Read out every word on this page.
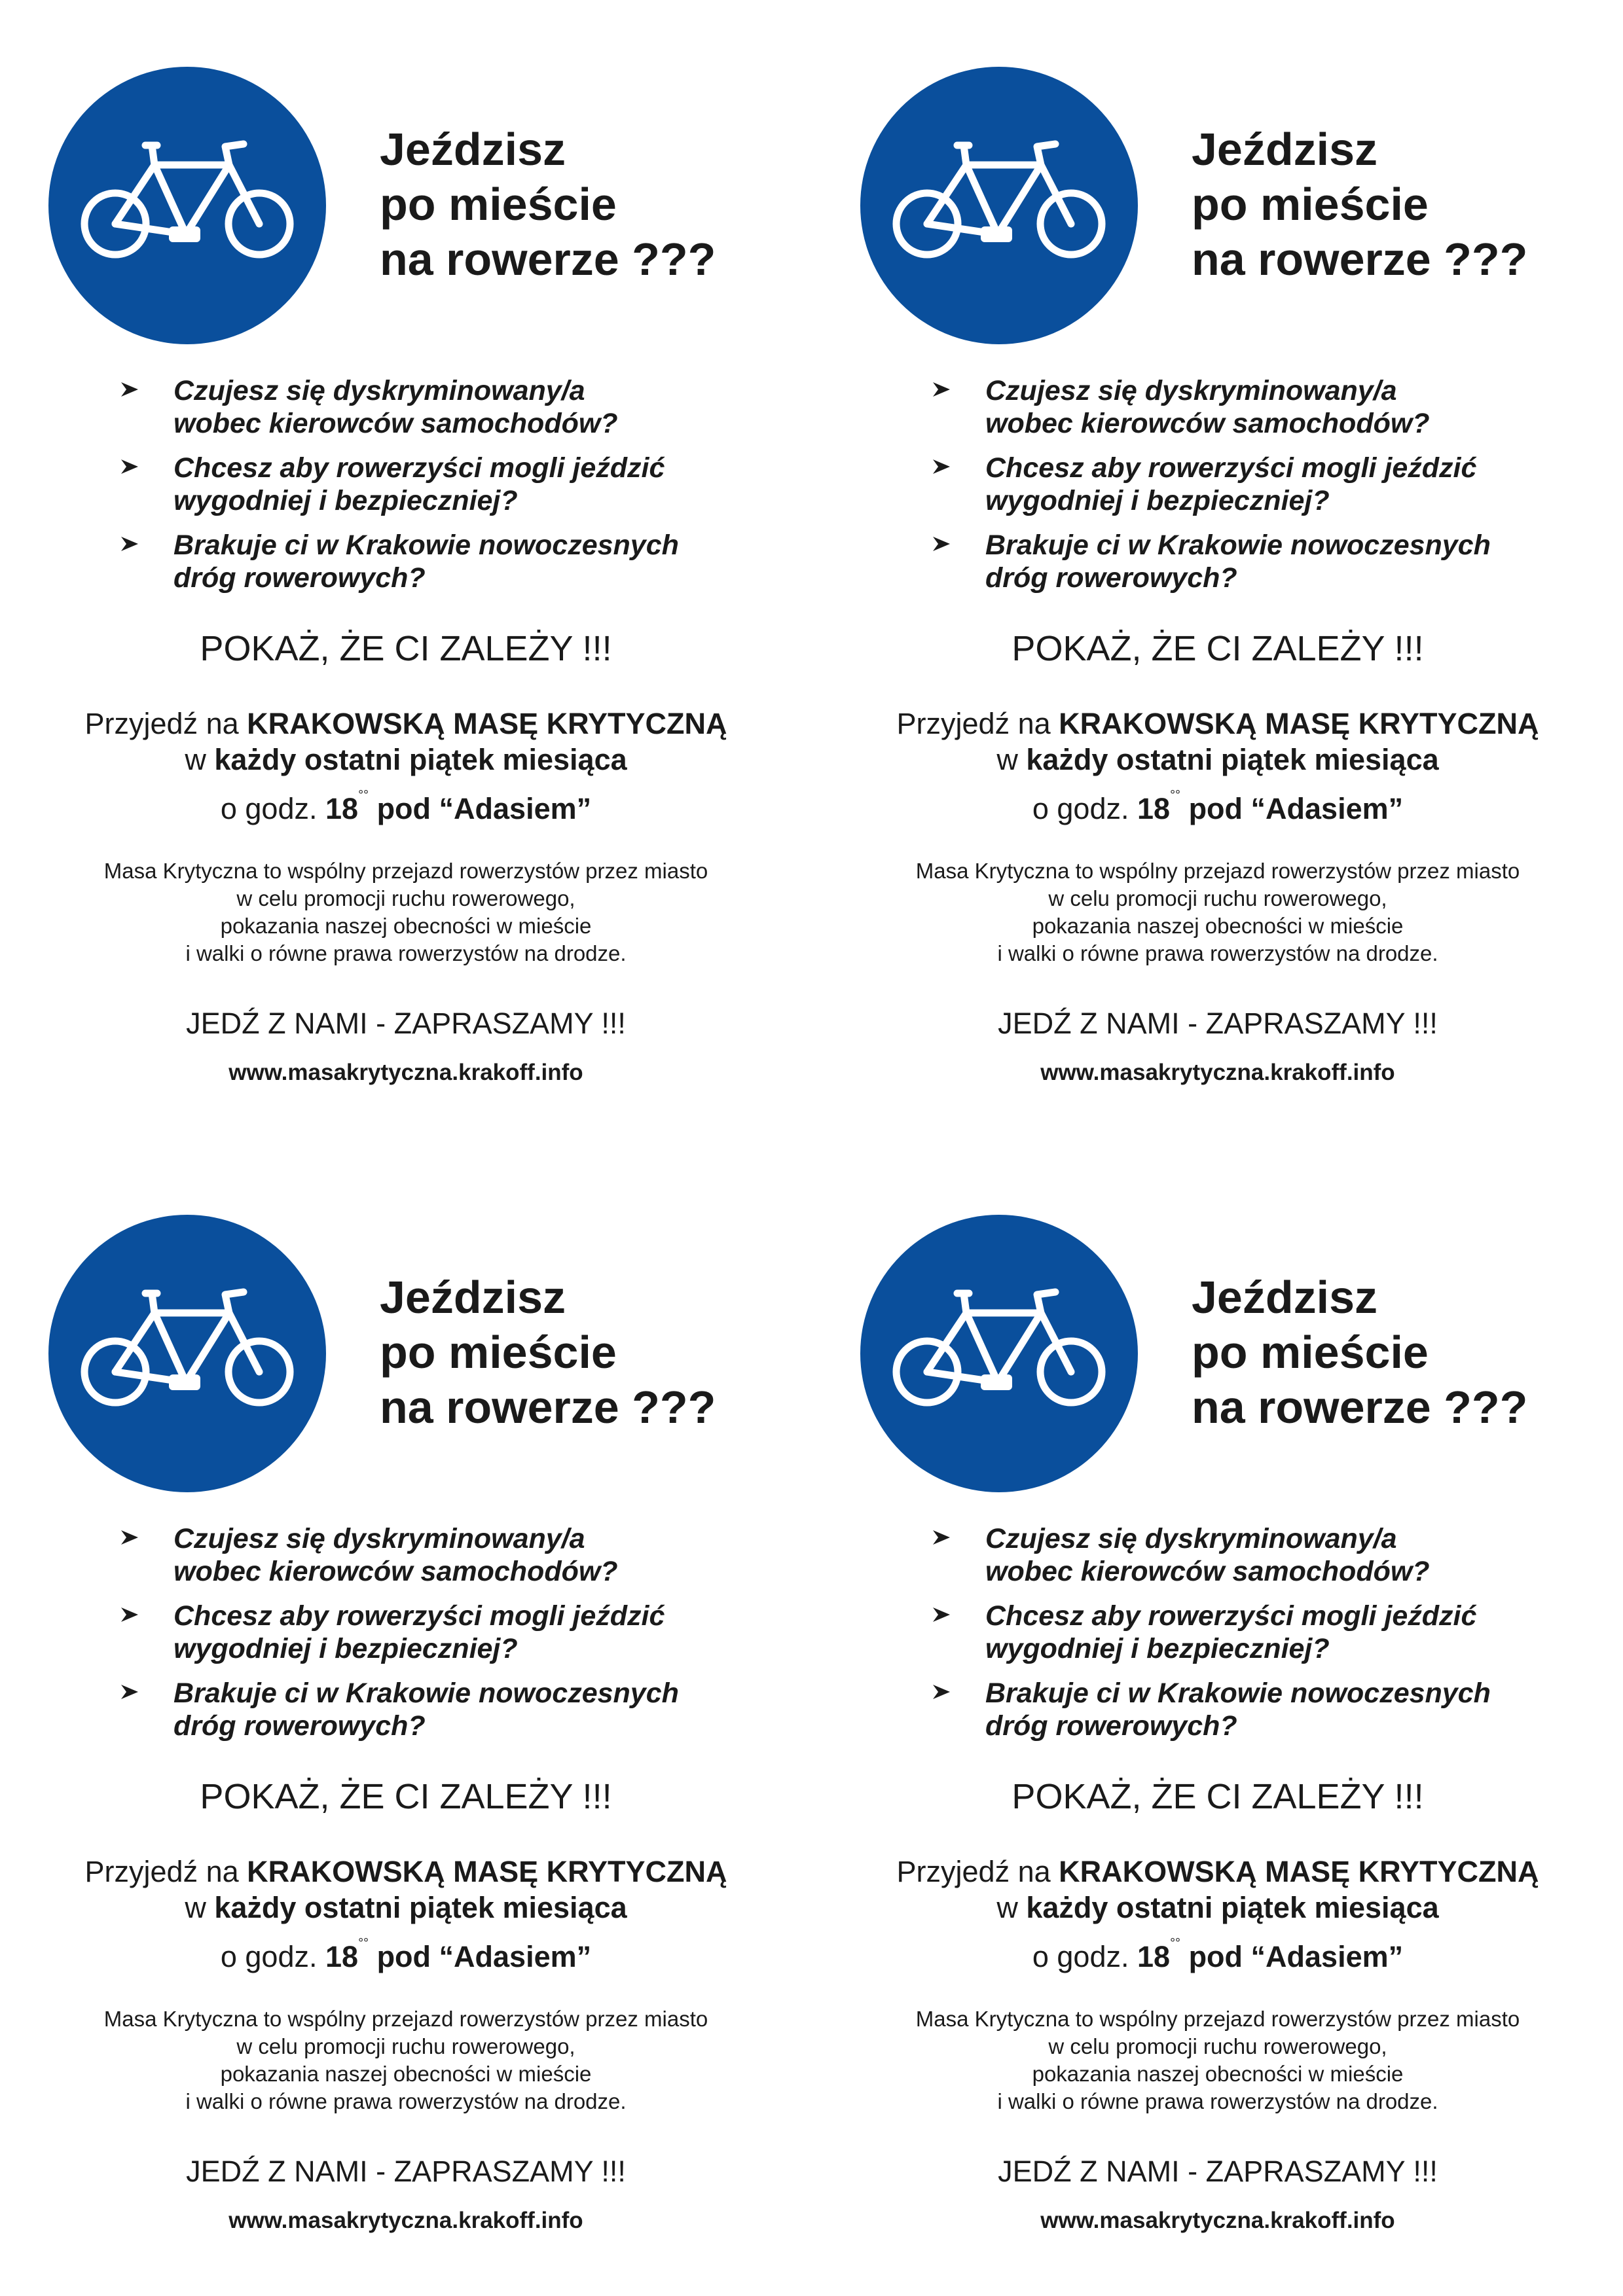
Jeździsz
po mieście
na rowerze ???
Czujesz się dyskryminowany/a
wobec kierowców samochodów?
Chcesz aby rowerzyści mogli jeździć
wygodniej i bezpieczniej?
Brakuje ci w Krakowie nowoczesnych
dróg rowerowych?

POKAŻ, ŻE CI ZALEŻY !!!

Przyjedź na KRAKOWSKĄ MASĘ KRYTYCZNĄ
w każdy ostatni piątek miesiąca
o godz. 18°° pod “Adasiem”
Masa Krytyczna to wspólny przejazd rowerzystów przez miasto
w celu promocji ruchu rowerowego,
pokazania naszej obecności w mieście
i walki o równe prawa rowerzystów na drodze.

JEDŹ Z NAMI - ZAPRASZAMY !!!

www.masakrytyczna.krakoff.info

Jeździsz
po mieście
na rowerze ???
Czujesz się dyskryminowany/a
wobec kierowców samochodów?
Chcesz aby rowerzyści mogli jeździć
wygodniej i bezpieczniej?
Brakuje ci w Krakowie nowoczesnych
dróg rowerowych?

POKAŻ, ŻE CI ZALEŻY !!!

Przyjedź na KRAKOWSKĄ MASĘ KRYTYCZNĄ
w każdy ostatni piątek miesiąca
o godz. 18°° pod “Adasiem”
Masa Krytyczna to wspólny przejazd rowerzystów przez miasto
w celu promocji ruchu rowerowego,
pokazania naszej obecności w mieście
i walki o równe prawa rowerzystów na drodze.

JEDŹ Z NAMI - ZAPRASZAMY !!!

www.masakrytyczna.krakoff.info

Jeździsz
po mieście
na rowerze ???
Czujesz się dyskryminowany/a
wobec kierowców samochodów?
Chcesz aby rowerzyści mogli jeździć
wygodniej i bezpieczniej?
Brakuje ci w Krakowie nowoczesnych
dróg rowerowych?

POKAŻ, ŻE CI ZALEŻY !!!

Przyjedź na KRAKOWSKĄ MASĘ KRYTYCZNĄ
w każdy ostatni piątek miesiąca
o godz. 18°° pod “Adasiem”
Masa Krytyczna to wspólny przejazd rowerzystów przez miasto
w celu promocji ruchu rowerowego,
pokazania naszej obecności w mieście
i walki o równe prawa rowerzystów na drodze.

JEDŹ Z NAMI - ZAPRASZAMY !!!

www.masakrytyczna.krakoff.info

Jeździsz
po mieście
na rowerze ???
Czujesz się dyskryminowany/a
wobec kierowców samochodów?
Chcesz aby rowerzyści mogli jeździć
wygodniej i bezpieczniej?
Brakuje ci w Krakowie nowoczesnych
dróg rowerowych?

POKAŻ, ŻE CI ZALEŻY !!!

Przyjedź na KRAKOWSKĄ MASĘ KRYTYCZNĄ
w każdy ostatni piątek miesiąca
o godz. 18°° pod “Adasiem”
Masa Krytyczna to wspólny przejazd rowerzystów przez miasto
w celu promocji ruchu rowerowego,
pokazania naszej obecności w mieście
i walki o równe prawa rowerzystów na drodze.

JEDŹ Z NAMI - ZAPRASZAMY !!!

www.masakrytyczna.krakoff.info
